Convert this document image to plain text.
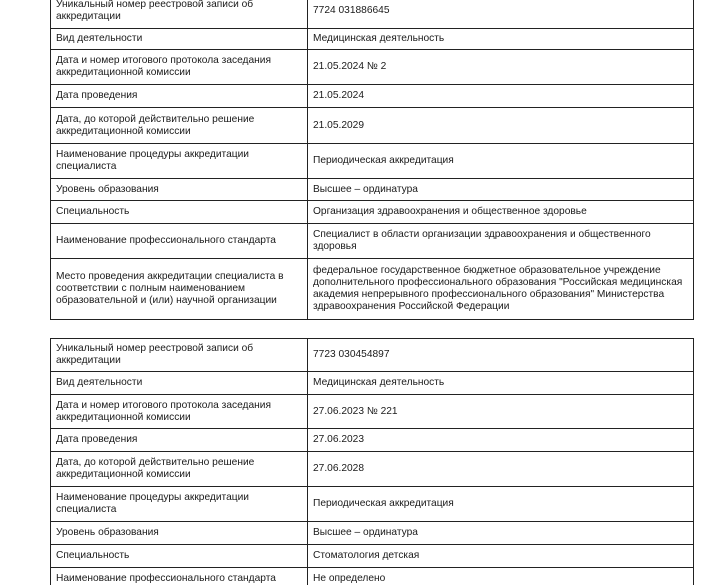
Уникальный номер реестровой записи об аккредитации	7724 031886645
Вид деятельности	Медицинская деятельность
Дата и номер итогового протокола заседания аккредитационной комиссии	21.05.2024 № 2
Дата проведения	21.05.2024
Дата, до которой действительно решение аккредитационной комиссии	21.05.2029
Наименование процедуры аккредитации специалиста	Периодическая аккредитация
Уровень образования	Высшее – ординатура
Специальность	Организация здравоохранения и общественное здоровье
Наименование профессионального стандарта	Специалист в области организации здравоохранения и общественного здоровья
Место проведения аккредитации специалиста в соответствии с полным наименованием образовательной и (или) научной организации	федеральное государственное бюджетное образовательное учреждение дополнительного профессионального образования "Российская медицинская академия непрерывного профессионального образования" Министерства здравоохранения Российской Федерации
Уникальный номер реестровой записи об аккредитации	7723 030454897
Вид деятельности	Медицинская деятельность
Дата и номер итогового протокола заседания аккредитационной комиссии	27.06.2023 № 221
Дата проведения	27.06.2023
Дата, до которой действительно решение аккредитационной комиссии	27.06.2028
Наименование процедуры аккредитации специалиста	Периодическая аккредитация
Уровень образования	Высшее – ординатура
Специальность	Стоматология детская
Наименование профессионального стандарта	Не определено
